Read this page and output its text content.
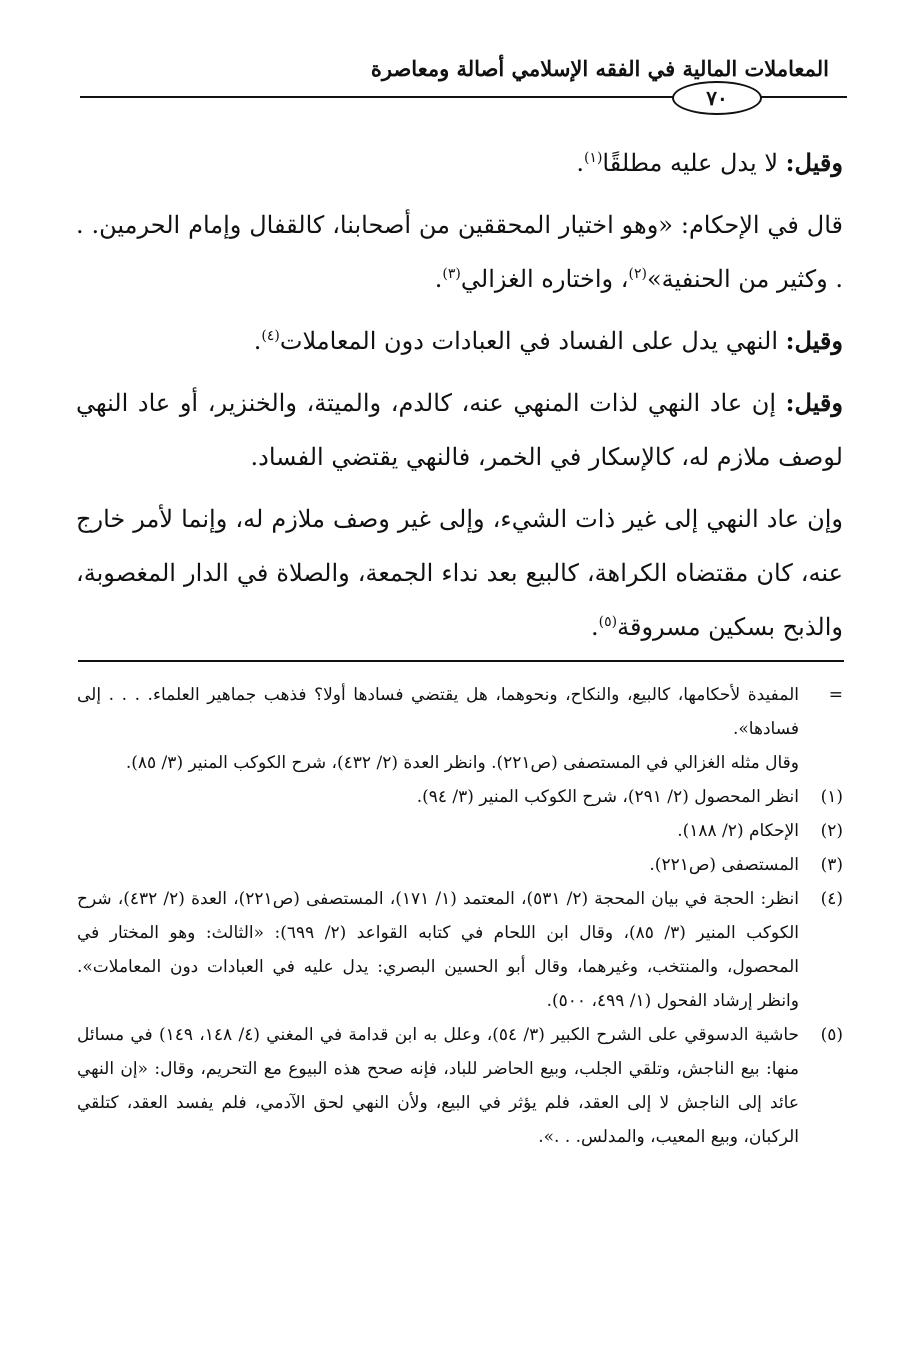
المعاملات المالية في الفقه الإسلامي أصالة ومعاصرة
٧٠

وقيل: لا يدل عليه مطلقًا$^{(١)}$.

قال في الإحكام: «وهو اختيار المحققين من أصحابنا، كالقفال وإمام الحرمين. . . وكثير من الحنفية»$^{(٢)}$، واختاره الغزالي$^{(٣)}$.

وقيل: النهي يدل على الفساد في العبادات دون المعاملات$^{(٤)}$.

وقيل: إن عاد النهي لذات المنهي عنه، كالدم، والميتة، والخنزير، أو عاد النهي لوصف ملازم له، كالإسكار في الخمر، فالنهي يقتضي الفساد.

وإن عاد النهي إلى غير ذات الشيء، وإلى غير وصف ملازم له، وإنما لأمر خارج عنه، كان مقتضاه الكراهة، كالبيع بعد نداء الجمعة، والصلاة في الدار المغصوبة، والذبح بسكين مسروقة$^{(٥)}$.

=
المفيدة لأحكامها، كالبيع، والنكاح، ونحوهما، هل يقتضي فسادها أولا؟ فذهب جماهير العلماء. . . . إلى فسادها».
وقال مثله الغزالي في المستصفى (ص٢٢١). وانظر العدة (٢/ ٤٣٢)، شرح الكوكب المنير (٣/ ٨٥).
(١)
انظر المحصول (٢/ ٢٩١)، شرح الكوكب المنير (٣/ ٩٤).
(٢)
الإحكام (٢/ ١٨٨).
(٣)
المستصفى (ص٢٢١).
(٤)
انظر: الحجة في بيان المحجة (٢/ ٥٣١)، المعتمد (١/ ١٧١)، المستصفى (ص٢٢١)، العدة (٢/ ٤٣٢)، شرح الكوكب المنير (٣/ ٨٥)، وقال ابن اللحام في كتابه القواعد (٢/ ٦٩٩): «الثالث: وهو المختار في المحصول، والمنتخب، وغيرهما، وقال أبو الحسين البصري: يدل عليه في العبادات دون المعاملات». وانظر إرشاد الفحول (١/ ٤٩٩، ٥٠٠).
(٥)
حاشية الدسوقي على الشرح الكبير (٣/ ٥٤)، وعلل به ابن قدامة في المغني (٤/ ١٤٨، ١٤٩) في مسائل منها: بيع الناجش، وتلقي الجلب، وبيع الحاضر للباد، فإنه صحح هذه البيوع مع التحريم، وقال: «إن النهي عائد إلى الناجش لا إلى العقد، فلم يؤثر في البيع، ولأن النهي لحق الآدمي، فلم يفسد العقد، كتلقي الركبان، وبيع المعيب، والمدلس. . .».
